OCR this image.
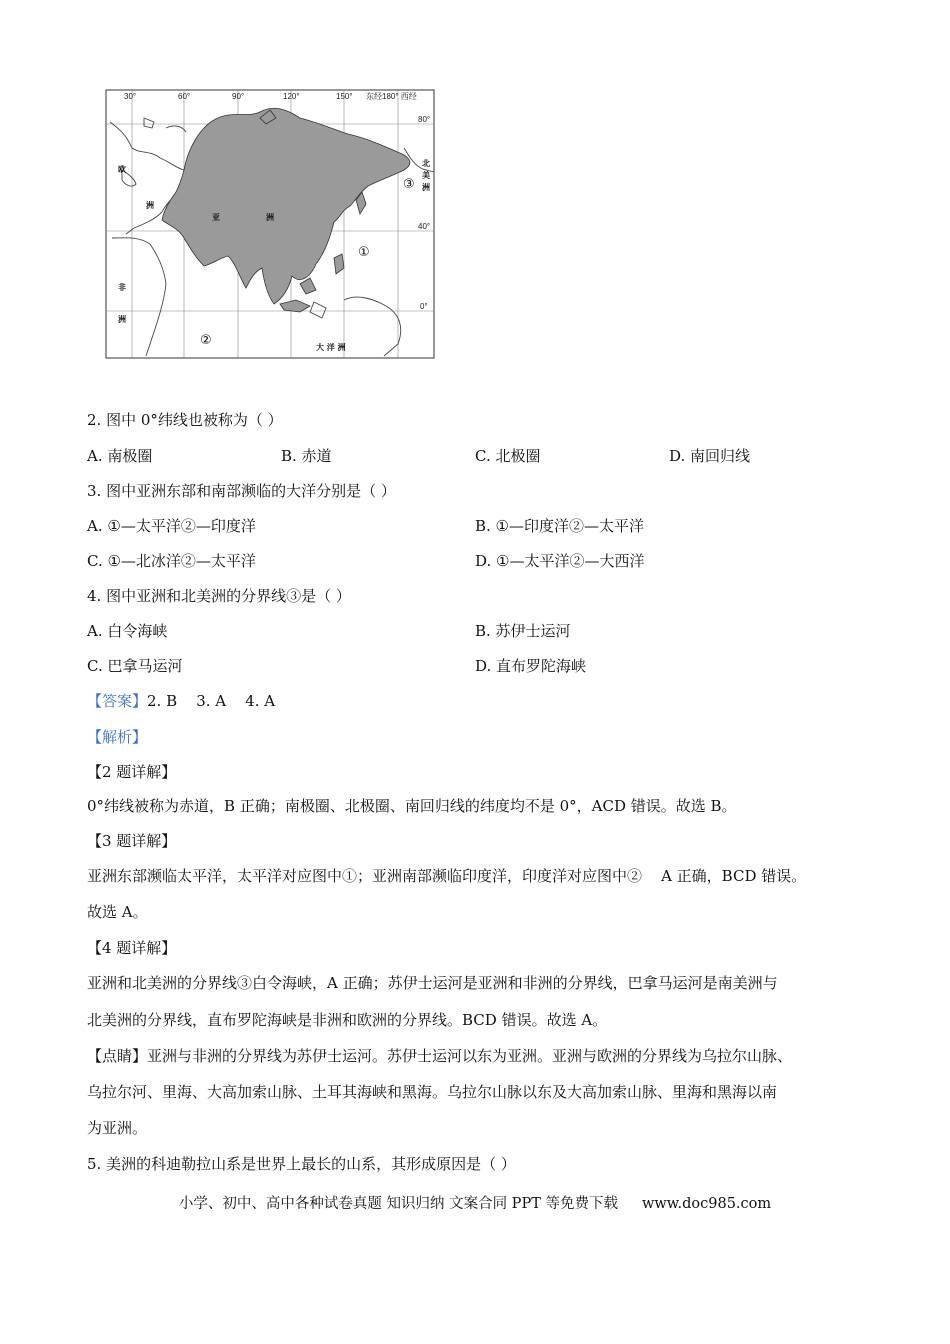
30°	60°	90°	120°	150° 东经180° 西经
80°
40°
0°
欧
洲
亚	洲
非
洲
北
美
洲
大 洋 洲
①
②
③
2. 图中 0°纬线也被称为（ ）
A. 南极圈	B. 赤道	C. 北极圈	D. 南回归线
3. 图中亚洲东部和南部濒临的大洋分别是（ ）
A. ①—太平洋②—印度洋	B. ①—印度洋②—太平洋
C. ①—北冰洋②—太平洋	D. ①—太平洋②—大西洋
4. 图中亚洲和北美洲的分界线③是（ ）
A. 白令海峡	B. 苏伊士运河
C. 巴拿马运河	D. 直布罗陀海峡
【答案】2. B    3. A    4. A
【解析】
【2 题详解】
0°纬线被称为赤道，B 正确；南极圈、北极圈、南回归线的纬度均不是 0°，ACD 错误。故选 B。
【3 题详解】
亚洲东部濒临太平洋，太平洋对应图中①；亚洲南部濒临印度洋，印度洋对应图中②    A 正确，BCD 错误。
故选 A。
【4 题详解】
亚洲和北美洲的分界线③白令海峡，A 正确；苏伊士运河是亚洲和非洲的分界线，巴拿马运河是南美洲与
北美洲的分界线，直布罗陀海峡是非洲和欧洲的分界线。BCD 错误。故选 A。
【点睛】亚洲与非洲的分界线为苏伊士运河。苏伊士运河以东为亚洲。亚洲与欧洲的分界线为乌拉尔山脉、
乌拉尔河、里海、大高加索山脉、土耳其海峡和黑海。乌拉尔山脉以东及大高加索山脉、里海和黑海以南
为亚洲。
5. 美洲的科迪勒拉山系是世界上最长的山系，其形成原因是（ ）
小学、初中、高中各种试卷真题 知识归纳 文案合同 PPT 等免费下载 www.doc985.com
